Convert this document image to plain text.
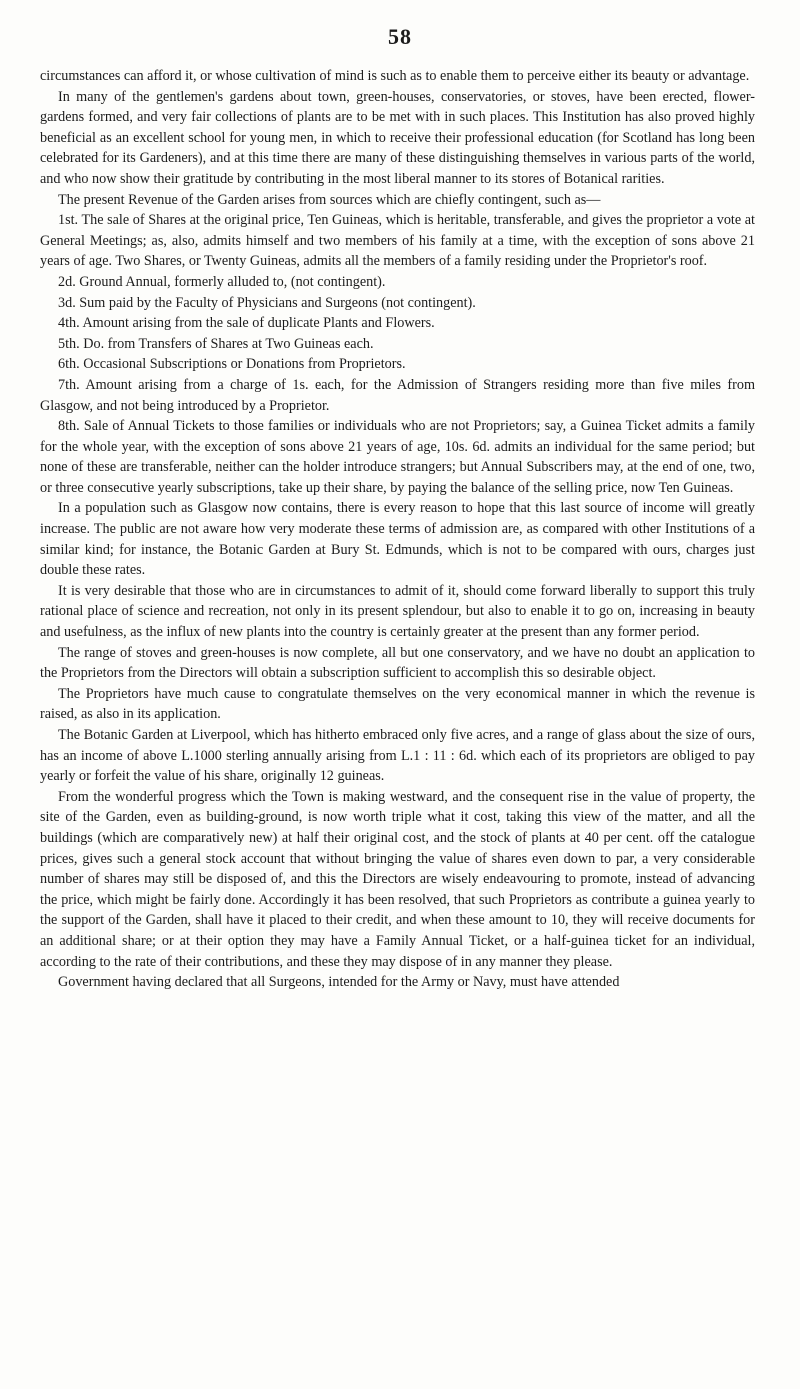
58

circumstances can afford it, or whose cultivation of mind is such as to enable them to perceive either its beauty or advantage.

In many of the gentlemen's gardens about town, green-houses, conservatories, or stoves, have been erected, flower-gardens formed, and very fair collections of plants are to be met with in such places. This Institution has also proved highly beneficial as an excellent school for young men, in which to receive their professional education (for Scotland has long been celebrated for its Gardeners), and at this time there are many of these distinguishing themselves in various parts of the world, and who now show their gratitude by contributing in the most liberal manner to its stores of Botanical rarities.

The present Revenue of the Garden arises from sources which are chiefly contingent, such as—

1st. The sale of Shares at the original price, Ten Guineas, which is heritable, transferable, and gives the proprietor a vote at General Meetings; as, also, admits himself and two members of his family at a time, with the exception of sons above 21 years of age. Two Shares, or Twenty Guineas, admits all the members of a family residing under the Proprietor's roof.

2d. Ground Annual, formerly alluded to, (not contingent).

3d. Sum paid by the Faculty of Physicians and Surgeons (not contingent).

4th. Amount arising from the sale of duplicate Plants and Flowers.

5th. Do. from Transfers of Shares at Two Guineas each.

6th. Occasional Subscriptions or Donations from Proprietors.

7th. Amount arising from a charge of 1s. each, for the Admission of Strangers residing more than five miles from Glasgow, and not being introduced by a Proprietor.

8th. Sale of Annual Tickets to those families or individuals who are not Proprietors; say, a Guinea Ticket admits a family for the whole year, with the exception of sons above 21 years of age, 10s. 6d. admits an individual for the same period; but none of these are transferable, neither can the holder introduce strangers; but Annual Subscribers may, at the end of one, two, or three consecutive yearly subscriptions, take up their share, by paying the balance of the selling price, now Ten Guineas.

In a population such as Glasgow now contains, there is every reason to hope that this last source of income will greatly increase. The public are not aware how very moderate these terms of admission are, as compared with other Institutions of a similar kind; for instance, the Botanic Garden at Bury St. Edmunds, which is not to be compared with ours, charges just double these rates.

It is very desirable that those who are in circumstances to admit of it, should come forward liberally to support this truly rational place of science and recreation, not only in its present splendour, but also to enable it to go on, increasing in beauty and usefulness, as the influx of new plants into the country is certainly greater at the present than any former period.

The range of stoves and green-houses is now complete, all but one conservatory, and we have no doubt an application to the Proprietors from the Directors will obtain a subscription sufficient to accomplish this so desirable object.

The Proprietors have much cause to congratulate themselves on the very economical manner in which the revenue is raised, as also in its application.

The Botanic Garden at Liverpool, which has hitherto embraced only five acres, and a range of glass about the size of ours, has an income of above L.1000 sterling annually arising from L.1 : 11 : 6d. which each of its proprietors are obliged to pay yearly or forfeit the value of his share, originally 12 guineas.

From the wonderful progress which the Town is making westward, and the consequent rise in the value of property, the site of the Garden, even as building-ground, is now worth triple what it cost, taking this view of the matter, and all the buildings (which are comparatively new) at half their original cost, and the stock of plants at 40 per cent. off the catalogue prices, gives such a general stock account that without bringing the value of shares even down to par, a very considerable number of shares may still be disposed of, and this the Directors are wisely endeavouring to promote, instead of advancing the price, which might be fairly done. Accordingly it has been resolved, that such Proprietors as contribute a guinea yearly to the support of the Garden, shall have it placed to their credit, and when these amount to 10, they will receive documents for an additional share; or at their option they may have a Family Annual Ticket, or a half-guinea ticket for an individual, according to the rate of their contributions, and these they may dispose of in any manner they please.

Government having declared that all Surgeons, intended for the Army or Navy, must have attended
